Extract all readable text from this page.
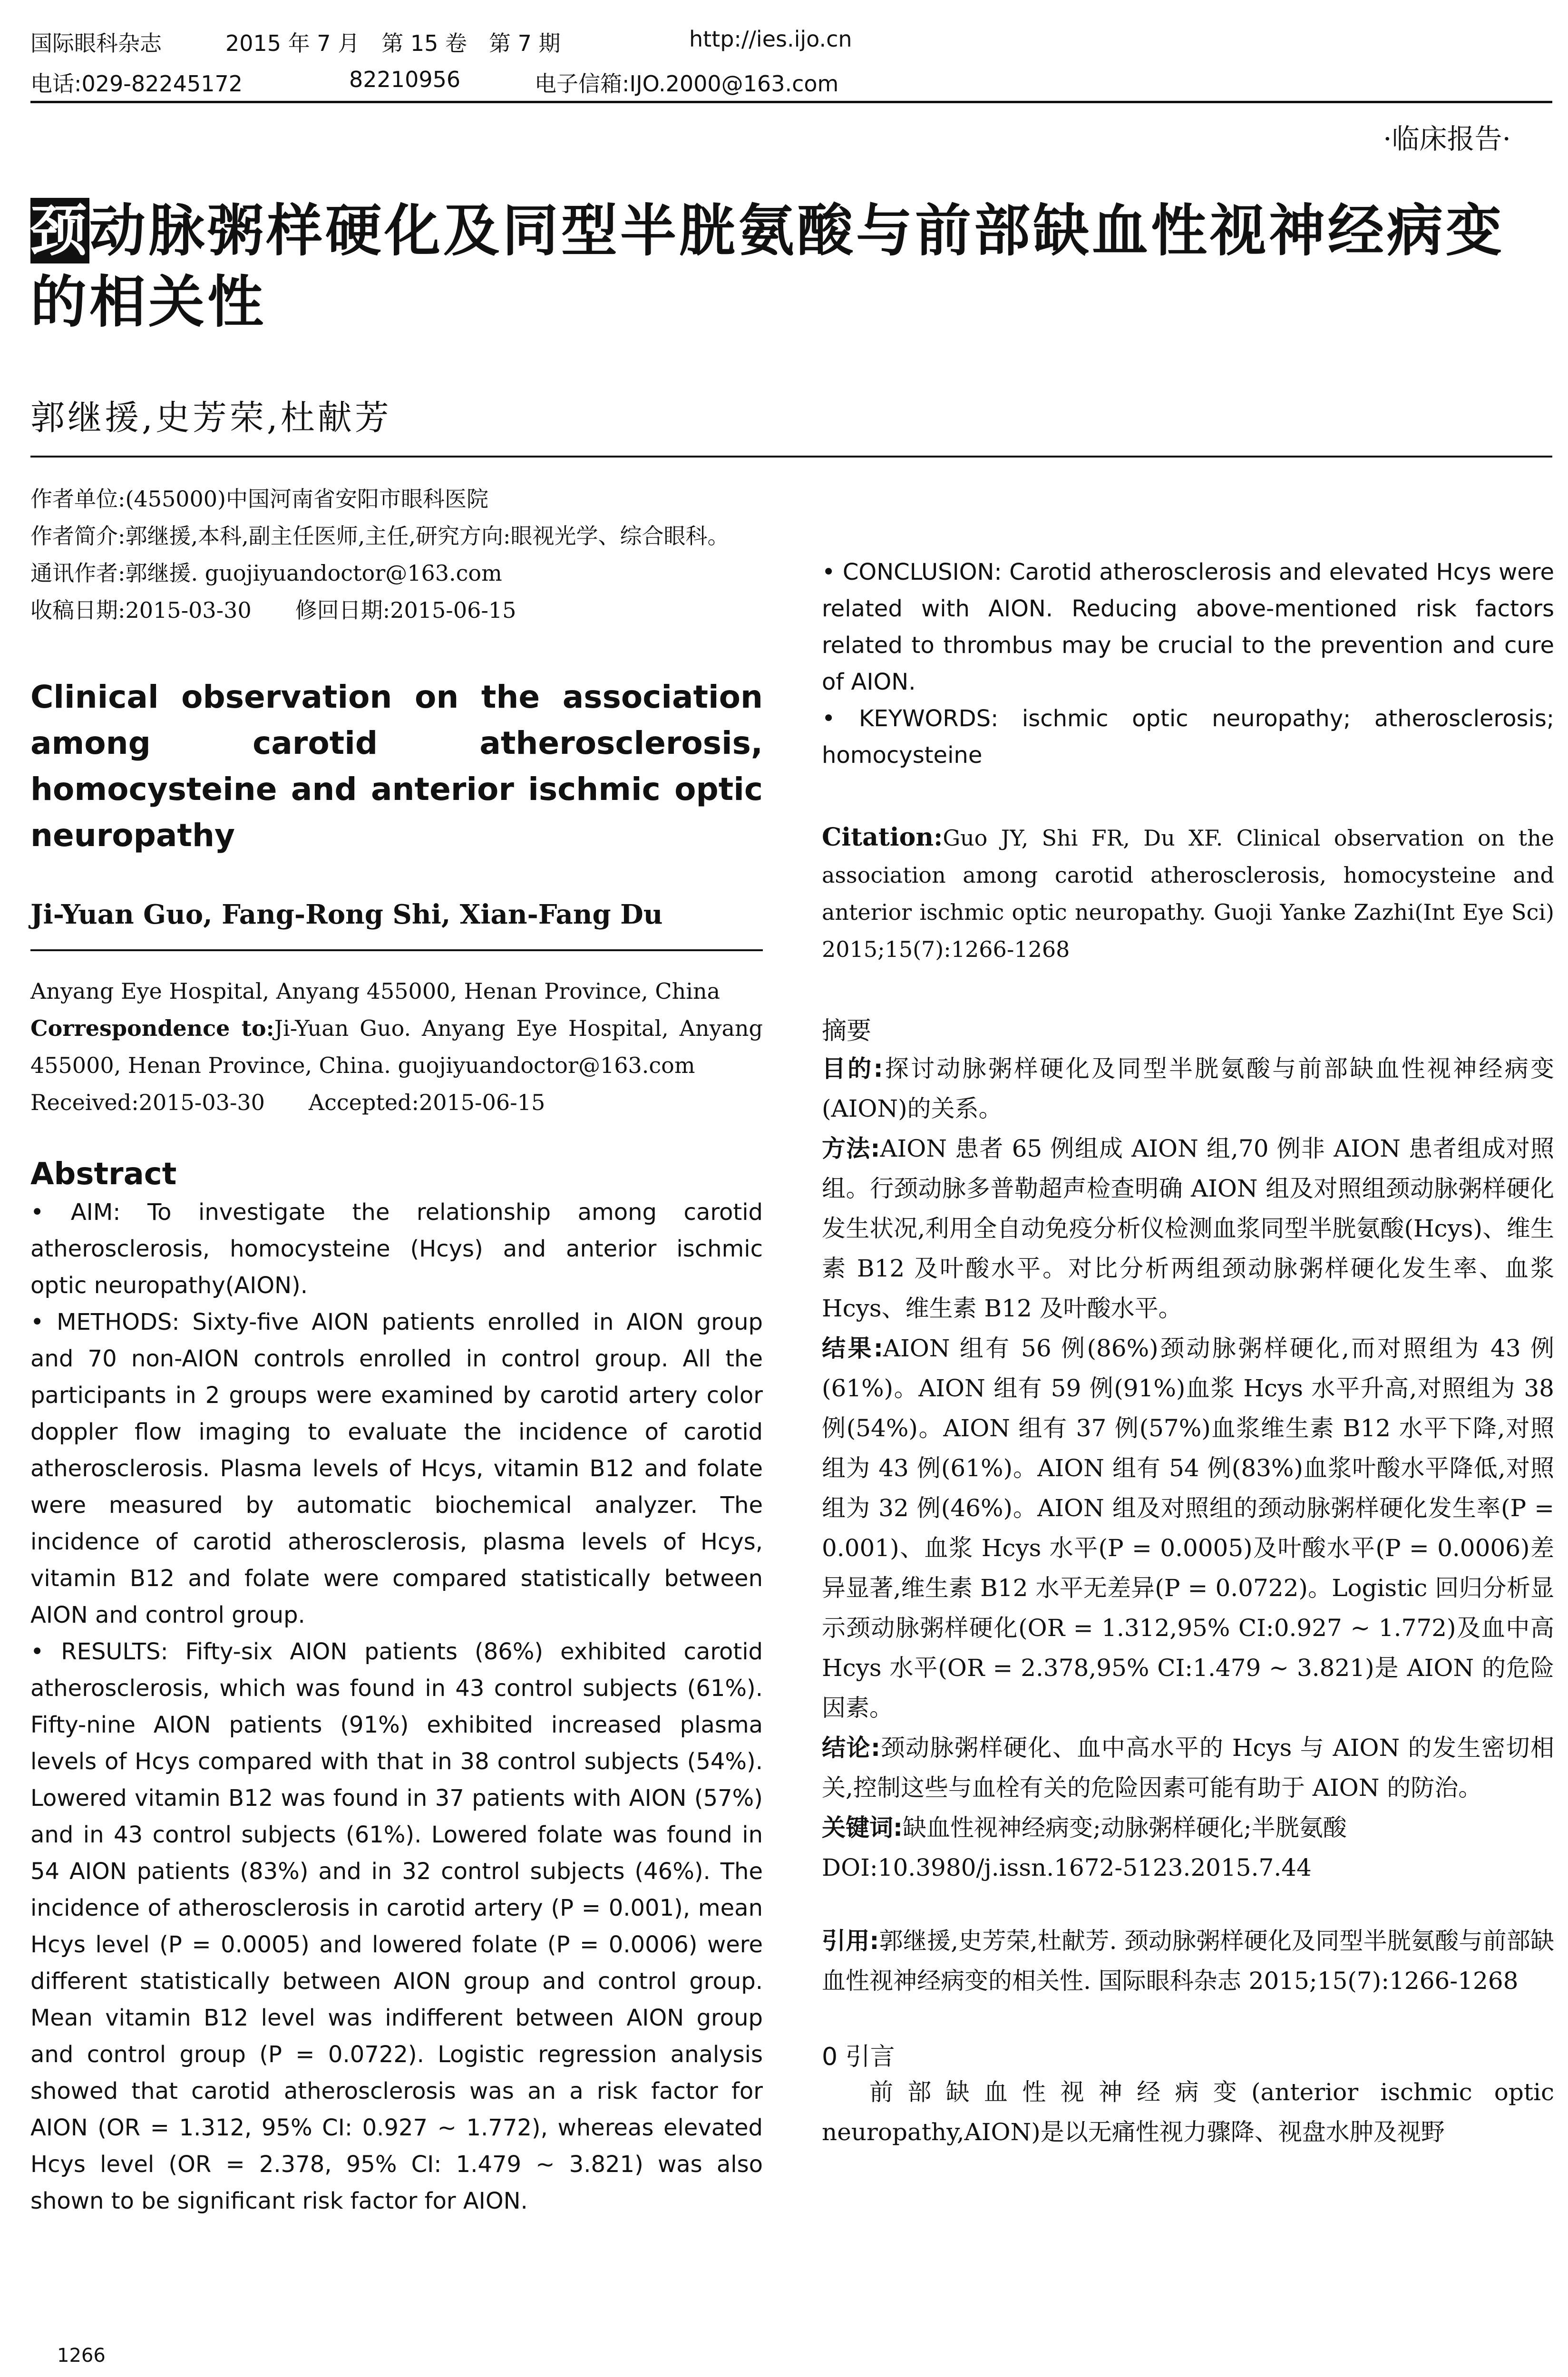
国际眼科杂志	2015 年 7 月　第 15 卷　第 7 期	http://ies.ijo.cn
电话:029-82245172	82210956	电子信箱:IJO.2000@163.com
·临床报告·
颈动脉粥样硬化及同型半胱氨酸与前部缺血性视神经病变的相关性
郭继援,史芳荣,杜献芳

作者单位:(455000)中国河南省安阳市眼科医院

作者简介:郭继援,本科,副主任医师,主任,研究方向:眼视光学、综合眼科。

通讯作者:郭继援. guojiyuandoctor@163.com

收稿日期:2015-03-30　　修回日期:2015-06-15

Clinical observation on the association among carotid atherosclerosis, homocysteine and anterior ischmic optic neuropathy
Ji-Yuan Guo, Fang-Rong Shi, Xian-Fang Du

Anyang Eye Hospital, Anyang 455000, Henan Province, China

Correspondence to:Ji-Yuan Guo. Anyang Eye Hospital, Anyang 455000, Henan Province, China. guojiyuandoctor@163.com

Received:2015-03-30　　Accepted:2015-06-15

Abstract

• AIM: To investigate the relationship among carotid atherosclerosis, homocysteine (Hcys) and anterior ischmic optic neuropathy(AION).

• METHODS: Sixty-five AION patients enrolled in AION group and 70 non-AION controls enrolled in control group. All the participants in 2 groups were examined by carotid artery color doppler flow imaging to evaluate the incidence of carotid atherosclerosis. Plasma levels of Hcys, vitamin B12 and folate were measured by automatic biochemical analyzer. The incidence of carotid atherosclerosis, plasma levels of Hcys, vitamin B12 and folate were compared statistically between AION and control group.

• RESULTS: Fifty-six AION patients (86%) exhibited carotid atherosclerosis, which was found in 43 control subjects (61%). Fifty-nine AION patients (91%) exhibited increased plasma levels of Hcys compared with that in 38 control subjects (54%). Lowered vitamin B12 was found in 37 patients with AION (57%) and in 43 control subjects (61%). Lowered folate was found in 54 AION patients (83%) and in 32 control subjects (46%). The incidence of atherosclerosis in carotid artery (P = 0.001), mean Hcys level (P = 0.0005) and lowered folate (P = 0.0006) were different statistically between AION group and control group. Mean vitamin B12 level was indifferent between AION group and control group (P = 0.0722). Logistic regression analysis showed that carotid atherosclerosis was an a risk factor for AION (OR = 1.312, 95% CI: 0.927 ~ 1.772), whereas elevated Hcys level (OR = 2.378, 95% CI: 1.479 ~ 3.821) was also shown to be significant risk factor for AION.

• CONCLUSION: Carotid atherosclerosis and elevated Hcys were related with AION. Reducing above-mentioned risk factors related to thrombus may be crucial to the prevention and cure of AION.

• KEYWORDS: ischmic optic neuropathy; atherosclerosis; homocysteine

Citation:Guo JY, Shi FR, Du XF. Clinical observation on the association among carotid atherosclerosis, homocysteine and anterior ischmic optic neuropathy. Guoji Yanke Zazhi(Int Eye Sci) 2015;15(7):1266-1268
摘要

目的:探讨动脉粥样硬化及同型半胱氨酸与前部缺血性视神经病变(AION)的关系。

方法:AION 患者 65 例组成 AION 组,70 例非 AION 患者组成对照组。行颈动脉多普勒超声检查明确 AION 组及对照组颈动脉粥样硬化发生状况,利用全自动免疫分析仪检测血浆同型半胱氨酸(Hcys)、维生素 B12 及叶酸水平。对比分析两组颈动脉粥样硬化发生率、血浆 Hcys、维生素 B12 及叶酸水平。

结果:AION 组有 56 例(86%)颈动脉粥样硬化,而对照组为 43 例(61%)。AION 组有 59 例(91%)血浆 Hcys 水平升高,对照组为 38 例(54%)。AION 组有 37 例(57%)血浆维生素 B12 水平下降,对照组为 43 例(61%)。AION 组有 54 例(83%)血浆叶酸水平降低,对照组为 32 例(46%)。AION 组及对照组的颈动脉粥样硬化发生率(P = 0.001)、血浆 Hcys 水平(P = 0.0005)及叶酸水平(P = 0.0006)差异显著,维生素 B12 水平无差异(P = 0.0722)。Logistic 回归分析显示颈动脉粥样硬化(OR = 1.312,95% CI:0.927 ~ 1.772)及血中高 Hcys 水平(OR = 2.378,95% CI:1.479 ~ 3.821)是 AION 的危险因素。

结论:颈动脉粥样硬化、血中高水平的 Hcys 与 AION 的发生密切相关,控制这些与血栓有关的危险因素可能有助于 AION 的防治。

关键词:缺血性视神经病变;动脉粥样硬化;半胱氨酸

DOI:10.3980/j.issn.1672-5123.2015.7.44

引用:郭继援,史芳荣,杜献芳. 颈动脉粥样硬化及同型半胱氨酸与前部缺血性视神经病变的相关性. 国际眼科杂志 2015;15(7):1266-1268
0 引言
前部缺血性视神经病变(anterior ischmic optic neuropathy,AION)是以无痛性视力骤降、视盘水肿及视野
1266
